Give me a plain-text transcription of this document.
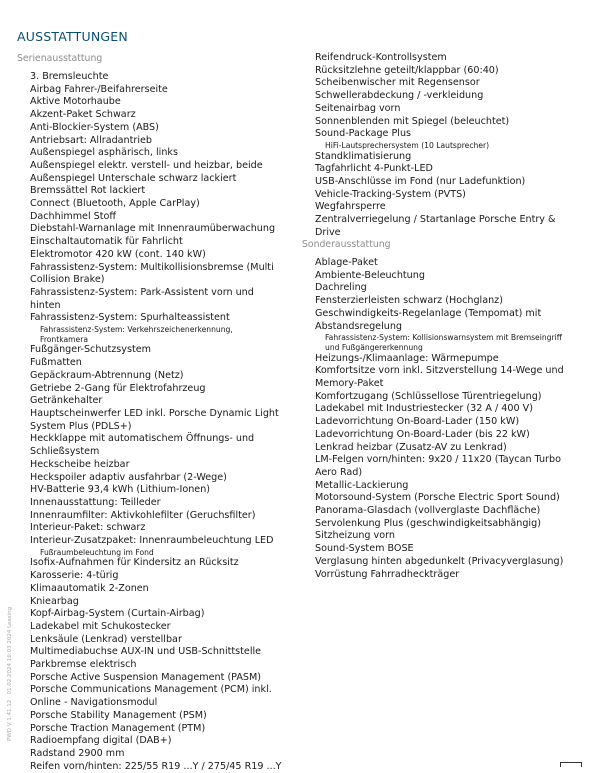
AUSSTATTUNGEN
Serienausstattung
3. Bremsleuchte
Airbag Fahrer-/Beifahrerseite
Aktive Motorhaube
Akzent-Paket Schwarz
Anti-Blockier-System (ABS)
Antriebsart: Allradantrieb
Außenspiegel asphärisch, links
Außenspiegel elektr. verstell- und heizbar, beide
Außenspiegel Unterschale schwarz lackiert
Bremssättel Rot lackiert
Connect (Bluetooth, Apple CarPlay)
Dachhimmel Stoff
Diebstahl-Warnanlage mit Innenraumüberwachung
Einschaltautomatik für Fahrlicht
Elektromotor 420 kW (cont. 140 kW)
Fahrassistenz-System: Multikollisionsbremse (Multi Collision Brake)
Fahrassistenz-System: Park-Assistent vorn und hinten
Fahrassistenz-System: Spurhalteassistent
Fahrassistenz-System: Verkehrszeichenerkennung, Frontkamera
Fußgänger-Schutzsystem
Fußmatten
Gepäckraum-Abtrennung (Netz)
Getriebe 2-Gang für Elektrofahrzeug
Getränkehalter
Hauptscheinwerfer LED inkl. Porsche Dynamic Light System Plus (PDLS+)
Heckklappe mit automatischem Öffnungs- und Schließsystem
Heckscheibe heizbar
Heckspoiler adaptiv ausfahrbar (2-Wege)
HV-Batterie 93,4 kWh (Lithium-Ionen)
Innenausstattung: Teilleder
Innenraumfilter: Aktivkohlefilter (Geruchsfilter)
Interieur-Paket: schwarz
Interieur-Zusatzpaket: Innenraumbeleuchtung LED
Fußraumbeleuchtung im Fond
Isofix-Aufnahmen für Kindersitz an Rücksitz
Karosserie: 4-türig
Klimaautomatik 2-Zonen
Kniearbag
Kopf-Airbag-System (Curtain-Airbag)
Ladekabel mit Schukostecker
Lenksäule (Lenkrad) verstellbar
Multimediabuchse AUX-IN und USB-Schnittstelle
Parkbremse elektrisch
Porsche Active Suspension Management (PASM)
Porsche Communications Management (PCM) inkl. Online - Navigationsmodul
Porsche Stability Management (PSM)
Porsche Traction Management (PTM)
Radioempfang digital (DAB+)
Radstand 2900 mm
Reifen vorn/hinten: 225/55 R19 ...Y / 275/45 R19 ...Y
Reifendruck-Kontrollsystem
Rücksitzlehne geteilt/klappbar (60:40)
Scheibenwischer mit Regensensor
Schwellerabdeckung / -verkleidung
Seitenairbag vorn
Sonnenblenden mit Spiegel (beleuchtet)
Sound-Package Plus
HiFi-Lautsprechersystem (10 Lautsprecher)
Standklimatisierung
Tagfahrlicht 4-Punkt-LED
USB-Anschlüsse im Fond (nur Ladefunktion)
Vehicle-Tracking-System (PVTS)
Wegfahrsperre
Zentralverriegelung / Startanlage Porsche Entry & Drive
Sonderausstattung
Ablage-Paket
Ambiente-Beleuchtung
Dachreling
Fensterzierleisten schwarz (Hochglanz)
Geschwindigkeits-Regelanlage (Tempomat) mit Abstandsregelung
Fahrassistenz-System: Kollisionswarnsystem mit Bremseingriff und Fußgängererkennung
Heizungs-/Klimaanlage: Wärmepumpe
Komfortsitze vorn inkl. Sitzverstellung 14-Wege und Memory-Paket
Komfortzugang (Schlüssellose Türentriegelung)
Ladekabel mit Industriestecker (32 A / 400 V)
Ladevorrichtung On-Board-Lader (150 kW)
Ladevorrichtung On-Board-Lader (bis 22 kW)
Lenkrad heizbar (Zusatz-AV zu Lenkrad)
LM-Felgen vorn/hinten: 9x20 / 11x20 (Taycan Turbo Aero Rad)
Metallic-Lackierung
Motorsound-System (Porsche Electric Sport Sound)
Panorama-Glasdach (vollverglaste Dachfläche)
Servolenkung Plus (geschwindigkeitsabhängig)
Sitzheizung vorn
Sound-System BOSE
Verglasung hinten abgedunkelt (Privacyverglasung)
Vorrüstung Fahrradheckträger
PWD V 1.41.12 · 01.02.2024 16:03 2024 Leasing
